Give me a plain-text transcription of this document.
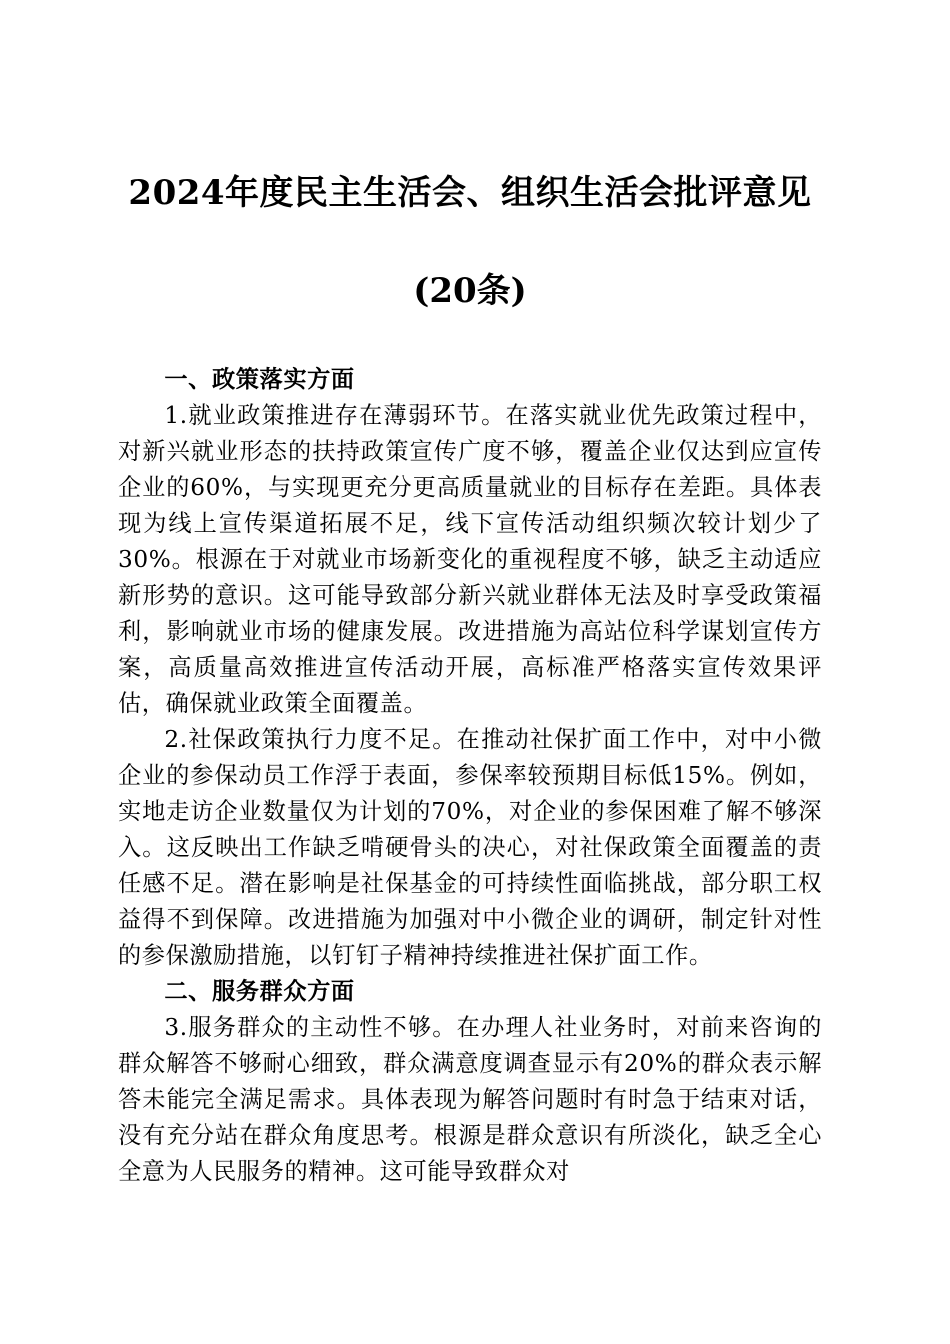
2024年度民主生活会、组织生活会批评意见
(20条)
一、政策落实方面

1.就业政策推进存在薄弱环节。在落实就业优先政策过程中，对新兴就业形态的扶持政策宣传广度不够，覆盖企业仅达到应宣传企业的60%，与实现更充分更高质量就业的目标存在差距。具体表现为线上宣传渠道拓展不足，线下宣传活动组织频次较计划少了30%。根源在于对就业市场新变化的重视程度不够，缺乏主动适应新形势的意识。这可能导致部分新兴就业群体无法及时享受政策福利，影响就业市场的健康发展。改进措施为高站位科学谋划宣传方案，高质量高效推进宣传活动开展，高标准严格落实宣传效果评估，确保就业政策全面覆盖。

2.社保政策执行力度不足。在推动社保扩面工作中，对中小微企业的参保动员工作浮于表面，参保率较预期目标低15%。例如，实地走访企业数量仅为计划的70%，对企业的参保困难了解不够深入。这反映出工作缺乏啃硬骨头的决心，对社保政策全面覆盖的责任感不足。潜在影响是社保基金的可持续性面临挑战，部分职工权益得不到保障。改进措施为加强对中小微企业的调研，制定针对性的参保激励措施，以钉钉子精神持续推进社保扩面工作。

二、服务群众方面

3.服务群众的主动性不够。在办理人社业务时，对前来咨询的群众解答不够耐心细致，群众满意度调查显示有20%的群众表示解答未能完全满足需求。具体表现为解答问题时有时急于结束对话，没有充分站在群众角度思考。根源是群众意识有所淡化，缺乏全心全意为人民服务的精神。这可能导致群众对
